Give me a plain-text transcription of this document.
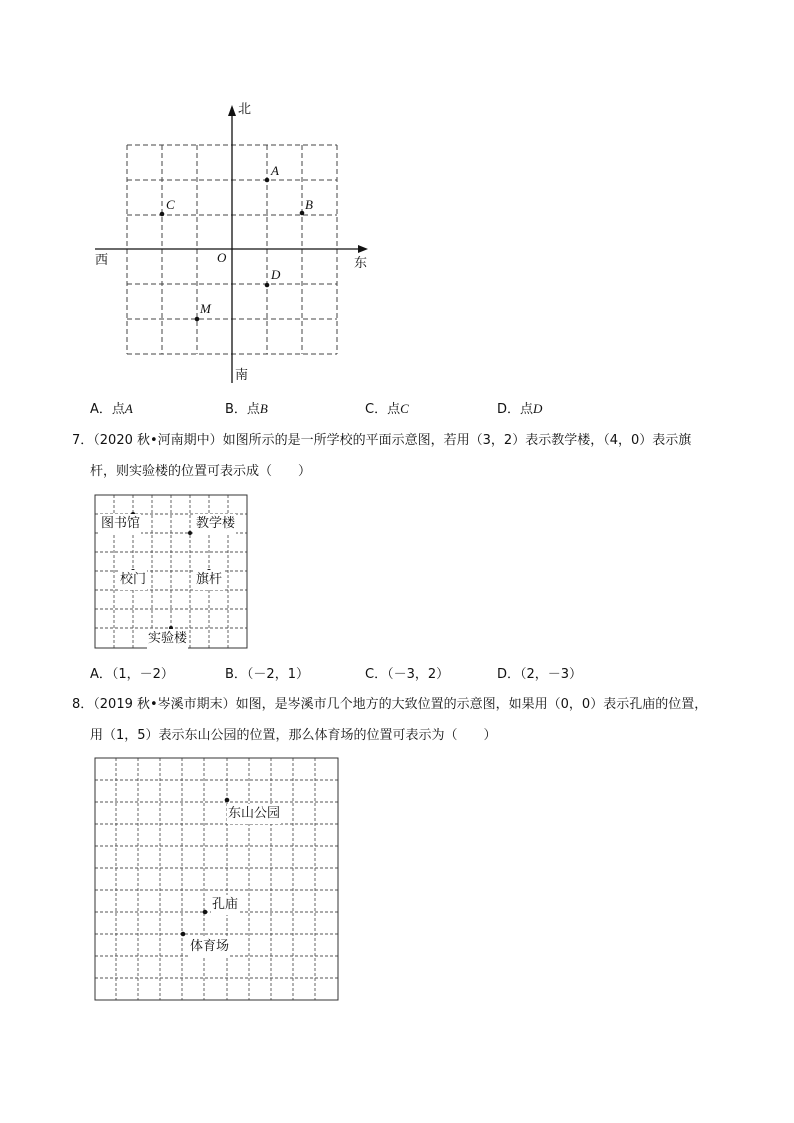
北
南
东
西	O
A
B
C
D
M
A．点A	B．点B	C．点C	D．点D
7．（2020 秋•河南期中）如图所示的是一所学校的平面示意图，若用（3，2）表示教学楼，（4，0）表示旗
杆，则实验楼的位置可表示成（　　）
图书馆	教学楼
校门	旗杆
实验楼
A．（1，－2）	B．（－2，1）	C．（－3，2）	D．（2，－3）
8．（2019 秋•岑溪市期末）如图，是岑溪市几个地方的大致位置的示意图，如果用（0，0）表示孔庙的位置，
用（1，5）表示东山公园的位置，那么体育场的位置可表示为（　　）
东山公园
孔庙
体育场
